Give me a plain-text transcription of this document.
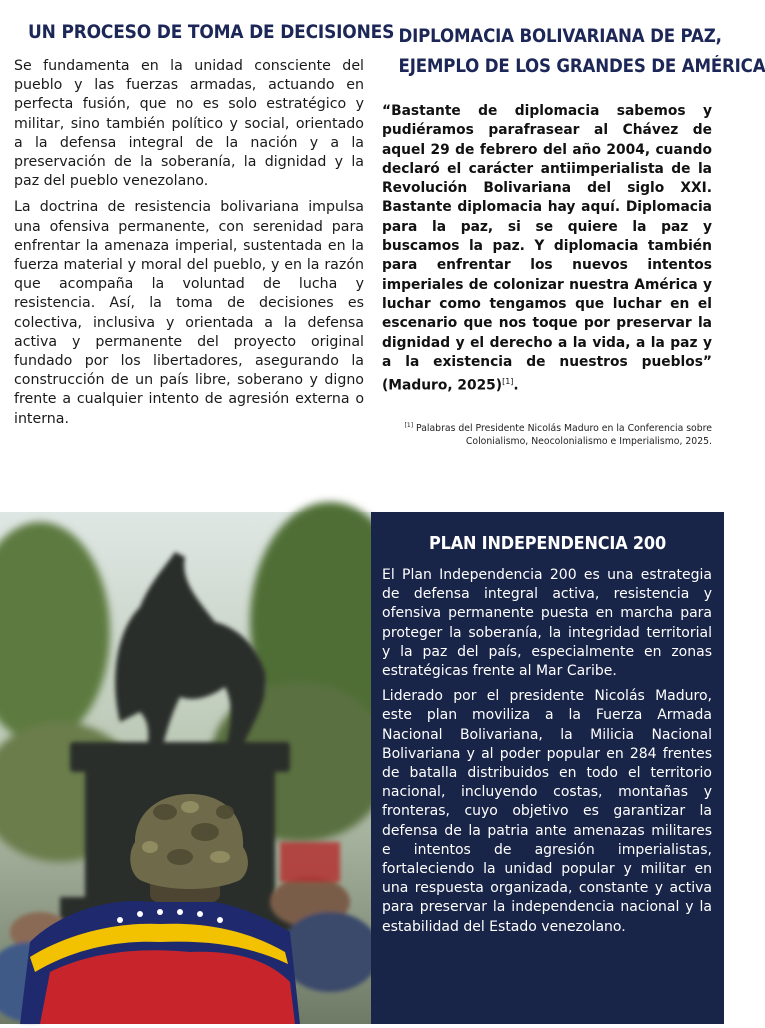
UN PROCESO DE TOMA DE DECISIONES

Se fundamenta en la unidad consciente del pueblo y las fuerzas armadas, actuando en perfecta fusión, que no es solo estratégico y militar, sino también político y social, orientado a la defensa integral de la nación y a la preservación de la soberanía, la dignidad y la paz del pueblo venezolano.

La doctrina de resistencia bolivariana impulsa una ofensiva permanente, con serenidad para enfrentar la amenaza imperial, sustentada en la fuerza material y moral del pueblo, y en la razón que acompaña la voluntad de lucha y resistencia. Así, la toma de decisiones es colectiva, inclusiva y orientada a la defensa activa y permanente del proyecto original fundado por los libertadores, asegurando la construcción de un país libre, soberano y digno frente a cualquier intento de agresión externa o interna.

DIPLOMACIA BOLIVARIANA DE PAZ,
EJEMPLO DE LOS GRANDES DE AMÉRICA

“Bastante de diplomacia sabemos y pudiéramos parafrasear al Chávez de aquel 29 de febrero del año 2004, cuando declaró el carácter antiimperialista de la Revolución Bolivariana del siglo XXI. Bastante diplomacia hay aquí. Diplomacia para la paz, si se quiere la paz y buscamos la paz. Y diplomacia también para enfrentar los nuevos intentos imperiales de colonizar nuestra América y luchar como tengamos que luchar en el escenario que nos toque por preservar la dignidad y el derecho a la vida, a la paz y a la existencia de nuestros pueblos” (Maduro, 2025)[1].

[1] Palabras del Presidente Nicolás Maduro en la Conferencia sobre Colonialismo, Neocolonialismo e Imperialismo, 2025.
PLAN INDEPENDENCIA 200

El Plan Independencia 200 es una estrategia de defensa integral activa, resistencia y ofensiva permanente puesta en marcha para proteger la soberanía, la integridad territorial y la paz del país, especialmente en zonas estratégicas frente al Mar Caribe.

Liderado por el presidente Nicolás Maduro, este plan moviliza a la Fuerza Armada Nacional Bolivariana, la Milicia Nacional Bolivariana y al poder popular en 284 frentes de batalla distribuidos en todo el territorio nacional, incluyendo costas, montañas y fronteras, cuyo objetivo es garantizar la defensa de la patria ante amenazas militares e intentos de agresión imperialistas, fortaleciendo la unidad popular y militar en una respuesta organizada, constante y activa para preservar la independencia nacional y la estabilidad del Estado venezolano.
